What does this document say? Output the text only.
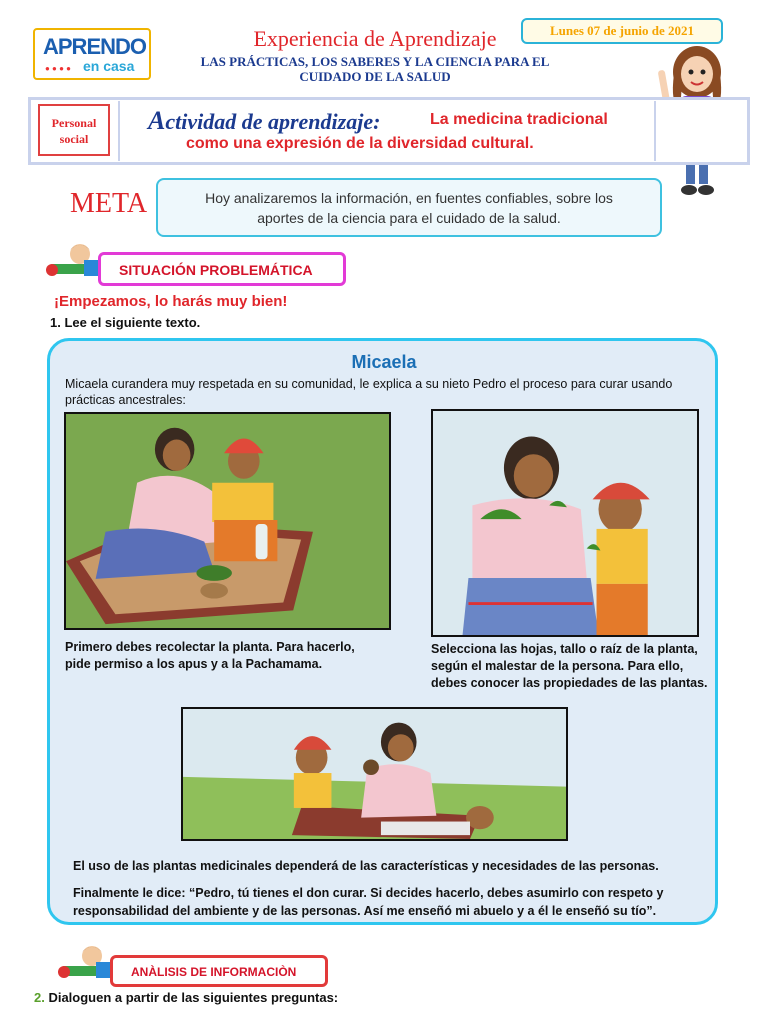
APRENDO
● ● ● ● en casa
Experiencia de Aprendizaje
LAS PRÁCTICAS, LOS SABERES Y LA CIENCIA PARA EL
CUIDADO DE LA SALUD
Lunes 07 de junio de 2021
Personal
social
Actividad de aprendizaje:	La medicina tradicional
como una expresión de la diversidad cultural.
META	Hoy analizaremos la información, en fuentes confiables, sobre los
aportes de la ciencia para el cuidado de la salud.
SITUACIÓN PROBLEMÁTICA
¡Empezamos, lo harás muy bien!
1. Lee el siguiente texto.
Micaela
Micaela curandera muy respetada en su comunidad, le explica a su nieto Pedro el proceso para curar usando prácticas ancestrales:
Primero debes recolectar la planta. Para hacerlo, pide permiso a los apus y a la Pachamama.
Selecciona las hojas, tallo o raíz de la planta, según el malestar de la persona. Para ello, debes conocer las propiedades de las plantas.
El uso de las plantas medicinales dependerá de las características y necesidades de las personas.
Finalmente le dice: “Pedro, tú tienes el don curar. Si decides hacerlo, debes asumirlo con respeto y responsabilidad del ambiente y de las personas. Así me enseñó mi abuelo y a él le enseñó su tío”.
ANÀLISIS DE INFORMACIÒN
2. Dialoguen a partir de las siguientes preguntas:
